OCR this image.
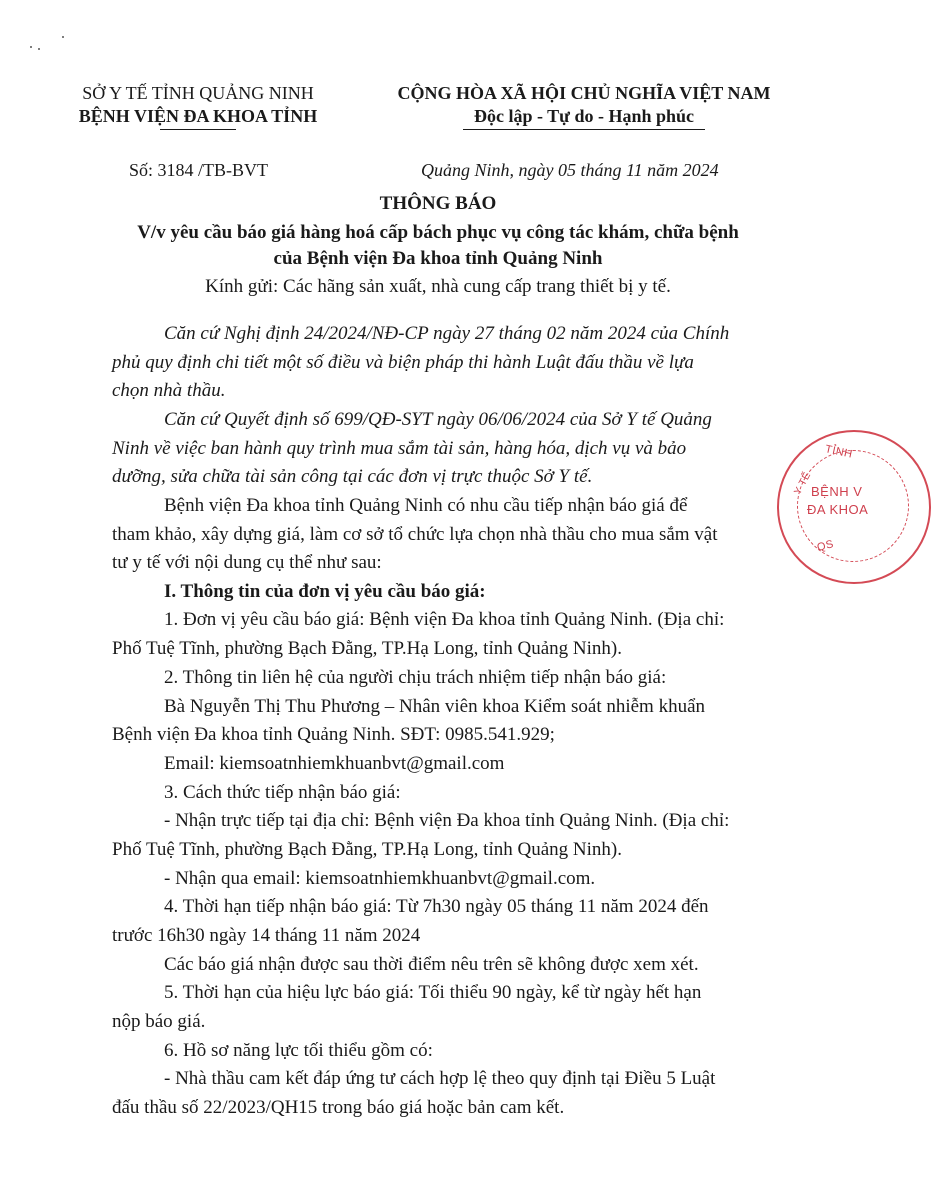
SỞ Y TẾ TỈNH QUẢNG NINH
BỆNH VIỆN ĐA KHOA TỈNH
CỘNG HÒA XÃ HỘI CHỦ NGHĨA VIỆT NAM
Độc lập - Tự do - Hạnh phúc
Số: 3184 /TB-BVT	Quảng Ninh, ngày 05 tháng 11 năm 2024
THÔNG BÁO
V/v yêu cầu báo giá hàng hoá cấp bách phục vụ công tác khám, chữa bệnh
của Bệnh viện Đa khoa tỉnh Quảng Ninh
Kính gửi: Các hãng sản xuất, nhà cung cấp trang thiết bị y tế.
Căn cứ Nghị định 24/2024/NĐ-CP ngày 27 tháng 02 năm 2024 của Chính
phủ quy định chi tiết một số điều và biện pháp thi hành Luật đấu thầu về lựa
chọn nhà thầu.
Căn cứ Quyết định số 699/QĐ-SYT ngày 06/06/2024 của Sở Y tế Quảng
Ninh về việc ban hành quy trình mua sắm tài sản, hàng hóa, dịch vụ và bảo
dưỡng, sửa chữa tài sản công tại các đơn vị trực thuộc Sở Y tế.
Bệnh viện Đa khoa tỉnh Quảng Ninh có nhu cầu tiếp nhận báo giá để
tham khảo, xây dựng giá, làm cơ sở tổ chức lựa chọn nhà thầu cho mua sắm vật
tư y tế với nội dung cụ thể như sau:
I. Thông tin của đơn vị yêu cầu báo giá:
1. Đơn vị yêu cầu báo giá: Bệnh viện Đa khoa tỉnh Quảng Ninh. (Địa chỉ:
Phố Tuệ Tĩnh, phường Bạch Đằng, TP.Hạ Long, tỉnh Quảng Ninh).
2. Thông tin liên hệ của người chịu trách nhiệm tiếp nhận báo giá:
Bà Nguyễn Thị Thu Phương – Nhân viên khoa Kiểm soát nhiễm khuẩn
Bệnh viện Đa khoa tỉnh Quảng Ninh. SĐT: 0985.541.929;
Email: kiemsoatnhiemkhuanbvt@gmail.com
3. Cách thức tiếp nhận báo giá:
- Nhận trực tiếp tại địa chỉ: Bệnh viện Đa khoa tỉnh Quảng Ninh. (Địa chỉ:
Phố Tuệ Tĩnh, phường Bạch Đằng, TP.Hạ Long, tỉnh Quảng Ninh).
- Nhận qua email: kiemsoatnhiemkhuanbvt@gmail.com.
4. Thời hạn tiếp nhận báo giá: Từ 7h30 ngày 05 tháng 11 năm 2024 đến
trước 16h30 ngày 14 tháng 11 năm 2024
Các báo giá nhận được sau thời điểm nêu trên sẽ không được xem xét.
5. Thời hạn của hiệu lực báo giá: Tối thiểu 90 ngày, kể từ ngày hết hạn
nộp báo giá.
6. Hồ sơ năng lực tối thiểu gồm có:
- Nhà thầu cam kết đáp ứng tư cách hợp lệ theo quy định tại Điều 5 Luật
đấu thầu số 22/2023/QH15 trong báo giá hoặc bản cam kết.
TỈNH
Y TẾ
BỆNH V
ĐA KHOA
QS
